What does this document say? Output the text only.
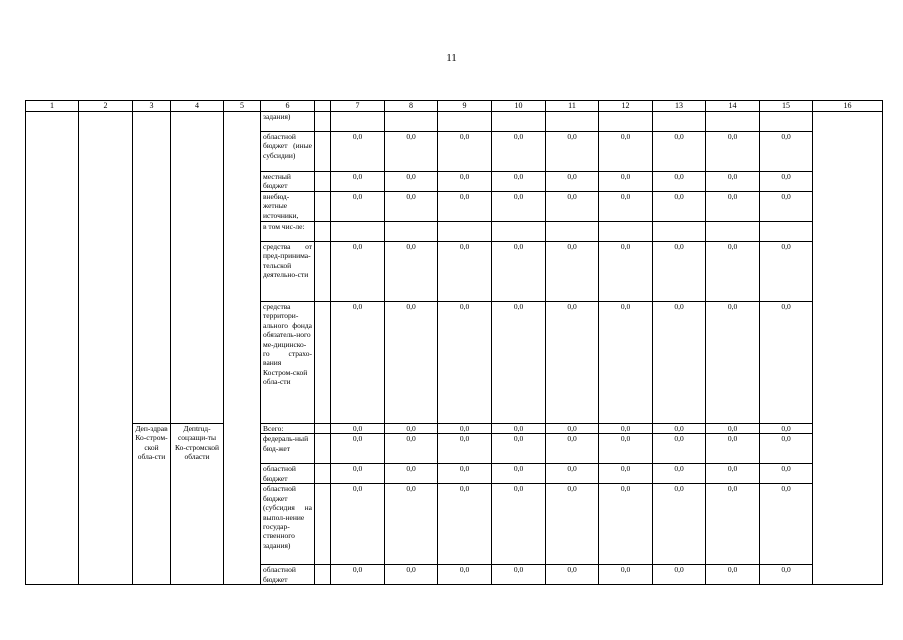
11
1	2	3	4	5	6		7	8	9	10	11	12	13	14	15	16
					задания)											
					областной бюджет (иные субсидии)		0,0	0,0	0,0	0,0	0,0	0,0	0,0	0,0	0,0	
					местный бюджет		0,0	0,0	0,0	0,0	0,0	0,0	0,0	0,0	0,0	
					внебюд-жетные источники,		0,0	0,0	0,0	0,0	0,0	0,0	0,0	0,0	0,0	
					в том чис-ле:											
					средства от пред-принима-тельской деятельно-сти		0,0	0,0	0,0	0,0	0,0	0,0	0,0	0,0	0,0	
					средства территори-ального фонда обязатель-ного ме-дицинско-го страхо-вания Костром-ской обла-сти		0,0	0,0	0,0	0,0	0,0	0,0	0,0	0,0	0,0	
		Деп-здрав Ко-стром-ской обла-сти	Депtruд-соцзащи-ты Ко-стромской области		Всего:		0,0	0,0	0,0	0,0	0,0	0,0	0,0	0,0	0,0	
					федераль-ный бюд-жет		0,0	0,0	0,0	0,0	0,0	0,0	0,0	0,0	0,0	
					областной бюджет		0,0	0,0	0,0	0,0	0,0	0,0	0,0	0,0	0,0	
					областной бюджет (субсидия на выпол-нение государ-ственного задания)		0,0	0,0	0,0	0,0	0,0	0,0	0,0	0,0	0,0	
					областной бюджет		0,0	0,0	0,0	0,0	0,0	0,0	0,0	0,0	0,0	
